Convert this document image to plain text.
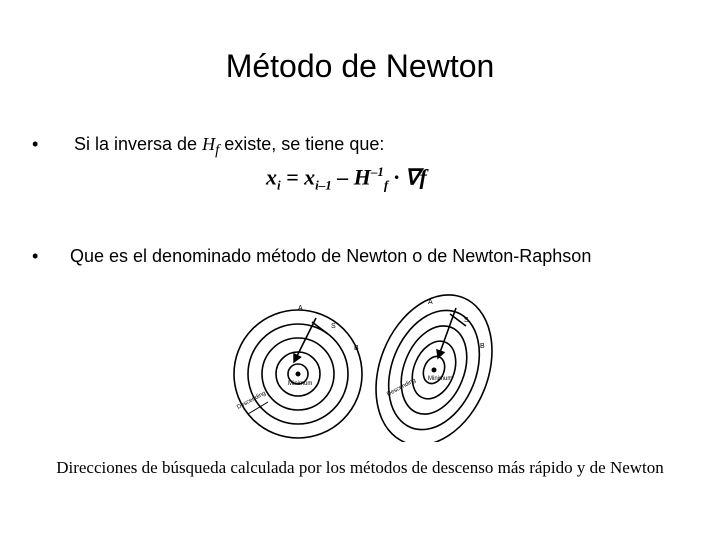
Método de Newton
• Si la inversa de $H_f$ existe, se tiene que:
$x_i = x_{i-1} - H^{-1}_f \cdot \nabla f$
• Que es el denominado método de Newton o de Newton-Raphson
A
S
B
Minimum
Descending
A
S
B
Minimum
Descending
Direcciones de búsqueda calculada por los métodos de descenso más rápido y de Newton
